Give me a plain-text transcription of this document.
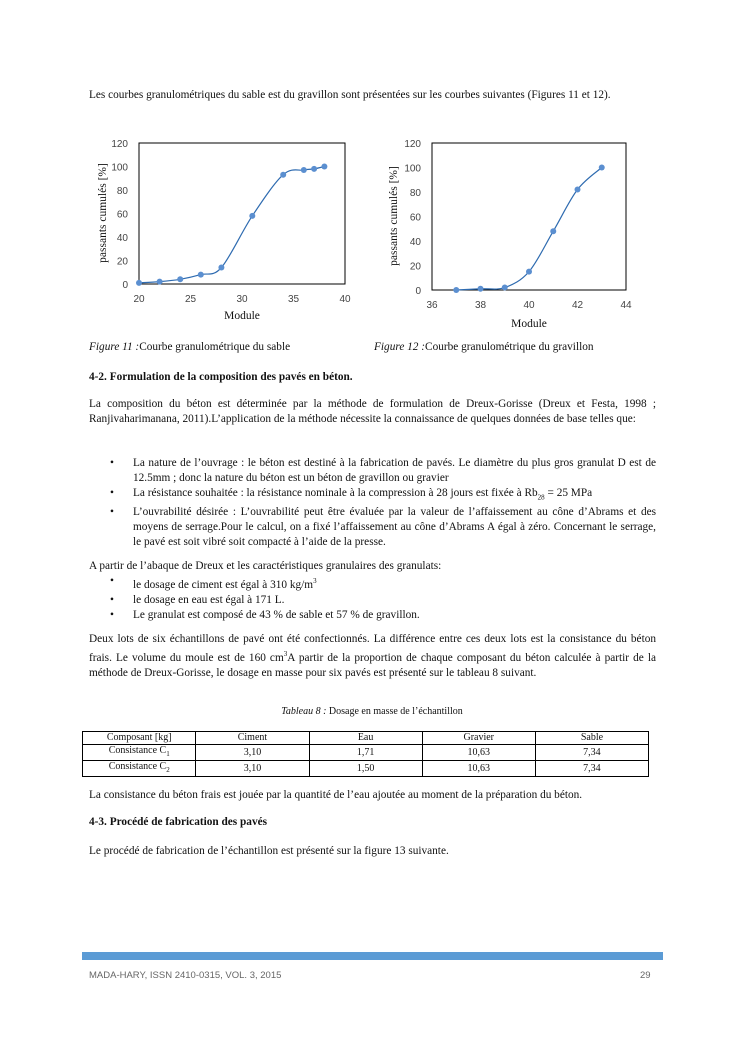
Les courbes granulométriques du sable est du gravillon sont présentées sur les courbes suivantes (Figures 11 et 12).
0
20
40
60
80
100
120
20	25	30	35	40
Module
passants cumulés [%]
0
20
40
60
80
100
120
36	38	40	42	44
Module
passants cumulés [%]
Figure 11 :Courbe granulométrique du sable	Figure 12 :Courbe granulométrique du gravillon
4-2. Formulation de la composition des pavés en béton.
La composition du béton est déterminée par la méthode de formulation de Dreux-Gorisse (Dreux et Festa, 1998 ; Ranjivaharimanana, 2011).L’application de la méthode nécessite la connaissance de quelques données de base telles que:
• La nature de l’ouvrage : le béton est destiné à la fabrication de pavés. Le diamètre du plus gros granulat D est de 12.5mm ; donc la nature du béton est un béton de gravillon ou gravier
• La résistance souhaitée : la résistance nominale à la compression à 28 jours est fixée à $Rb_{28} = 25$ MPa
• L’ouvrabilité désirée : L’ouvrabilité peut être évaluée par la valeur de l’affaissement au cône d’Abrams et des moyens de serrage.Pour le calcul, on a fixé l’affaissement au cône d’Abrams A égal à zéro. Concernant le serrage, le pavé est soit vibré soit compacté à l’aide de la presse.
A partir de l’abaque de Dreux et les caractéristiques granulaires des granulats:
• le dosage de ciment est égal à 310 $kg/m^3$
• le dosage en eau est égal à 171 L.
• Le granulat est composé de 43 % de sable et 57 % de gravillon.
Deux lots de six échantillons de pavé ont été confectionnés. La différence entre ces deux lots est la consistance du béton frais. Le volume du moule est de 160 $cm^3A$ partir de la proportion de chaque composant du béton calculée à partir de la méthode de Dreux-Gorisse, le dosage en masse pour six pavés est présenté sur le tableau 8 suivant.
Tableau 8 : Dosage en masse de l’échantillon
Composant [kg]	Ciment	Eau	Gravier	Sable
Consistance $C_1$	3,10	1,71	10,63	7,34
Consistance $C_2$	3,10	1,50	10,63	7,34
La consistance du béton frais est jouée par la quantité de l’eau ajoutée au moment de la préparation du béton.
4-3. Procédé de fabrication des pavés
Le procédé de fabrication de l’échantillon est présenté sur la figure 13 suivante.
MADA-HARY, ISSN 2410-0315, VOL. 3, 2015	29
